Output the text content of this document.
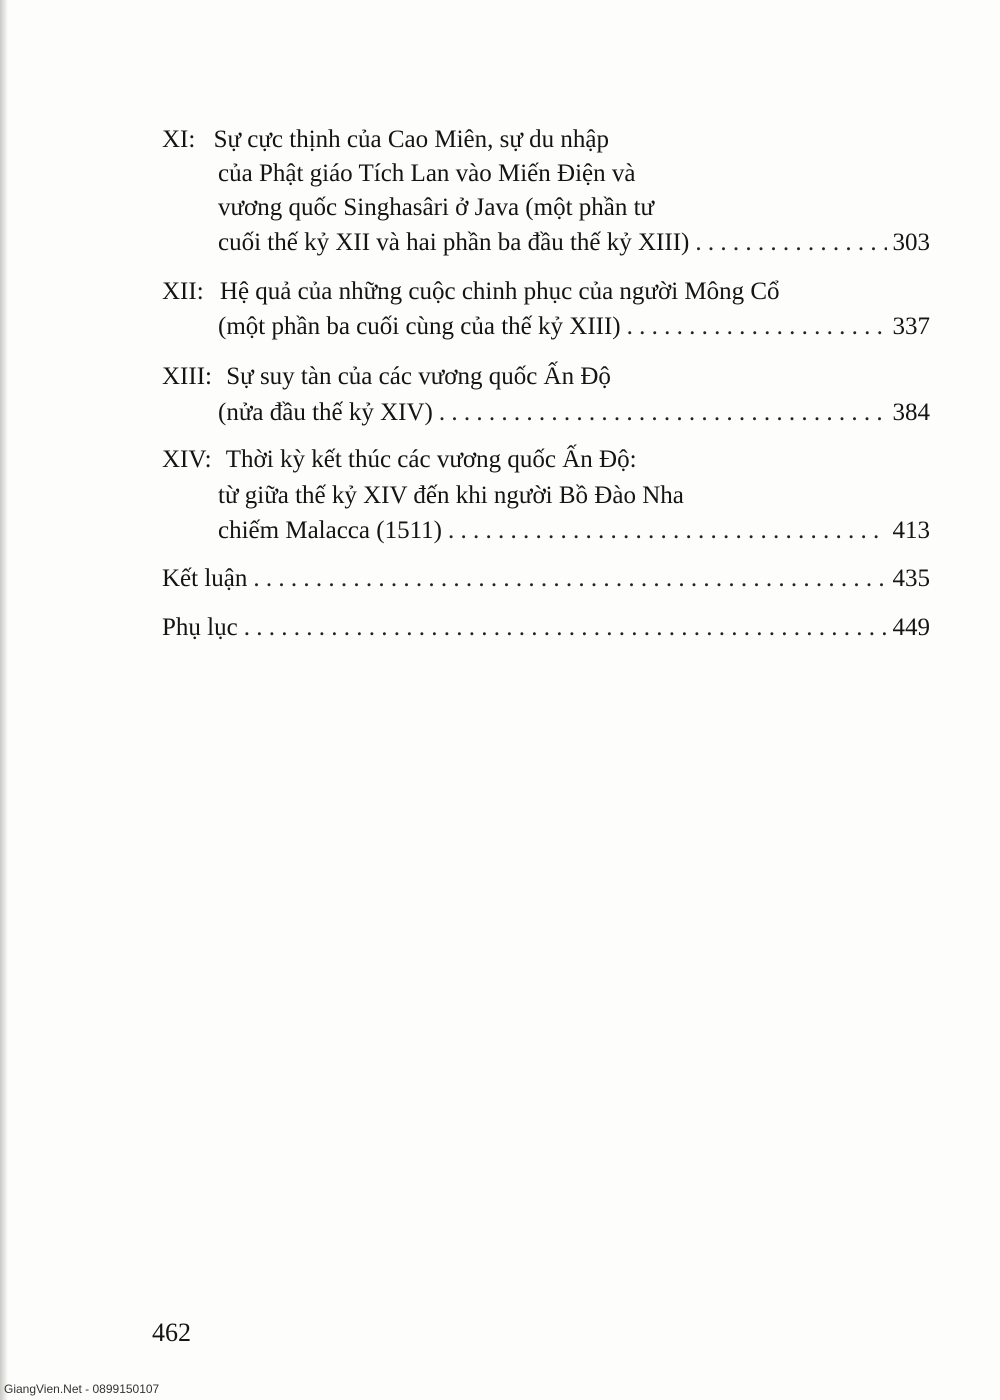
XI: Sự cực thịnh của Cao Miên, sự du nhập
của Phật giáo Tích Lan vào Miến Điện và
vương quốc Singhasâri ở Java (một phần tư
cuối thế kỷ XII và hai phần ba đầu thế kỷ XIII) . . .	303
XII: Hệ quả của những cuộc chinh phục của người Mông Cổ
(một phần ba cuối cùng của thế kỷ XIII) . . .	337
XIII: Sự suy tàn của các vương quốc Ấn Độ
(nửa đầu thế kỷ XIV) . . .	384
XIV: Thời kỳ kết thúc các vương quốc Ấn Độ:
từ giữa thế kỷ XIV đến khi người Bồ Đào Nha
chiếm Malacca (1511) . . .	413
Kết luận . . .	435
Phụ lục . . .	449
462
GiangVien.Net - 0899150107
